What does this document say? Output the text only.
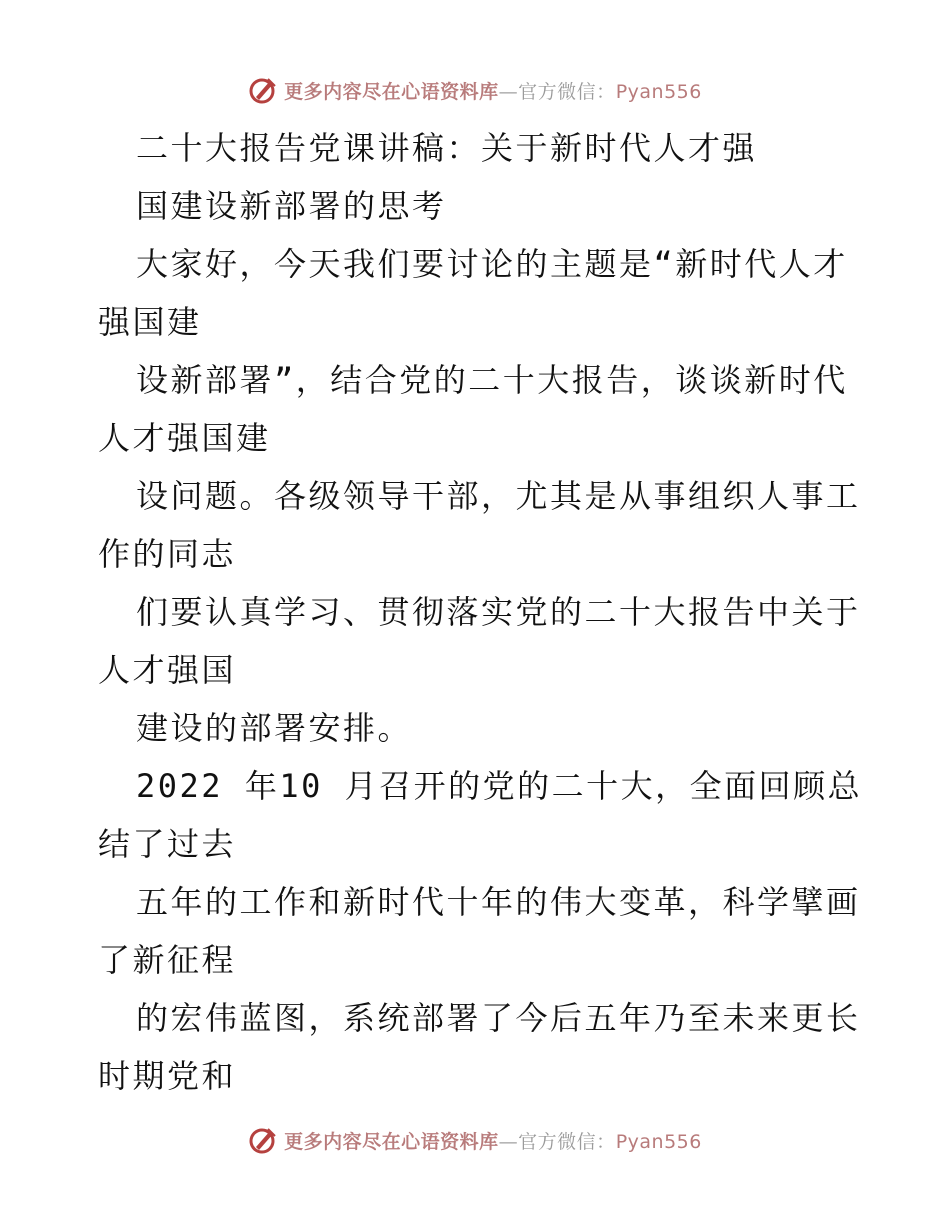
更多内容尽在心语资料库 — 官方微信： Pyan556
二十大报告党课讲稿：关于新时代人才强
国建设新部署的思考
大家好，今天我们要讨论的主题是“新时代人才
强国建
设新部署”，结合党的二十大报告，谈谈新时代
人才强国建
设问题。各级领导干部，尤其是从事组织人事工
作的同志
们要认真学习、贯彻落实党的二十大报告中关于
人才强国
建设的部署安排。
2022 年10 月召开的党的二十大，全面回顾总
结了过去
五年的工作和新时代十年的伟大变革，科学擘画
了新征程
的宏伟蓝图，系统部署了今后五年乃至未来更长
时期党和
更多内容尽在心语资料库 — 官方微信： Pyan556
